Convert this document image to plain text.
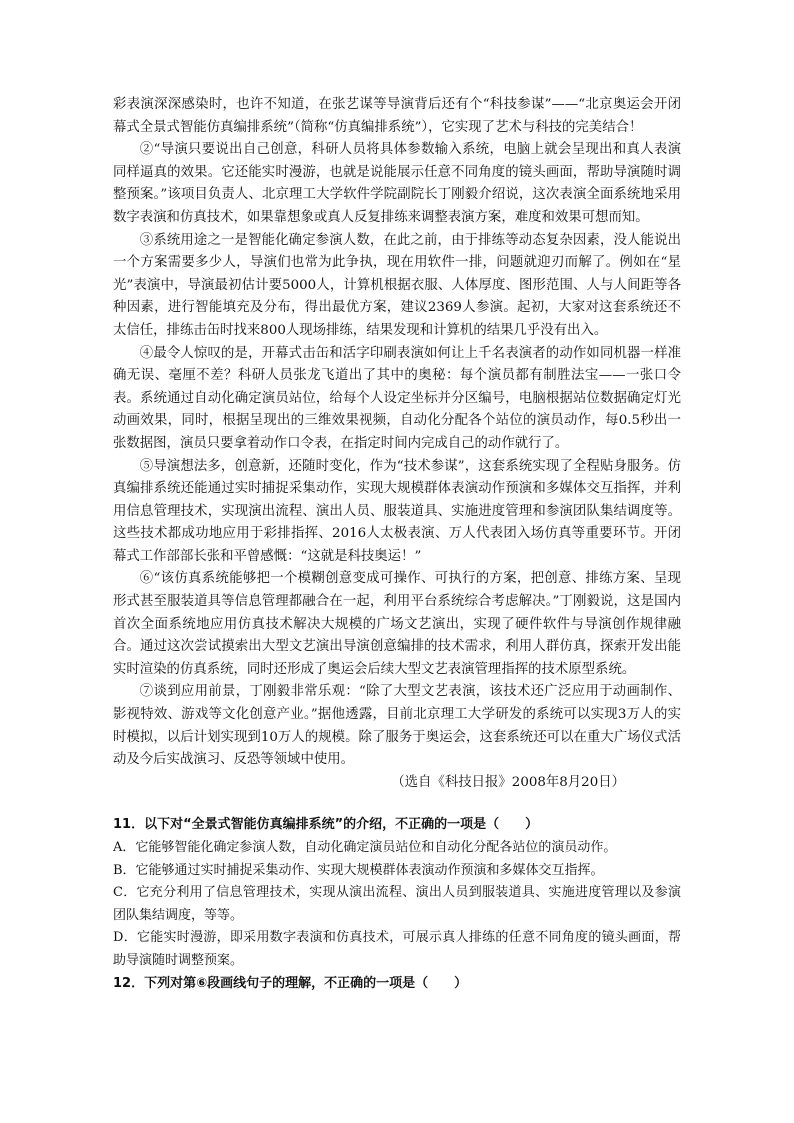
彩表演深深感染时，也许不知道，在张艺谋等导演背后还有个“科技参谋”——“北京奥运会开闭幕式全景式智能仿真编排系统”（简称“仿真编排系统”），它实现了艺术与科技的完美结合！

②“导演只要说出自己创意，科研人员将具体参数输入系统，电脑上就会呈现出和真人表演同样逼真的效果。它还能实时漫游，也就是说能展示任意不同角度的镜头画面，帮助导演随时调整预案。”该项目负责人、北京理工大学软件学院副院长丁刚毅介绍说，这次表演全面系统地采用数字表演和仿真技术，如果靠想象或真人反复排练来调整表演方案，难度和效果可想而知。

③系统用途之一是智能化确定参演人数，在此之前，由于排练等动态复杂因素，没人能说出一个方案需要多少人，导演们也常为此争执，现在用软件一排，问题就迎刃而解了。例如在“星光”表演中，导演最初估计要5000人，计算机根据衣服、人体厚度、图形范围、人与人间距等各种因素，进行智能填充及分布，得出最优方案，建议2369人参演。起初，大家对这套系统还不太信任，排练击缶时找来800人现场排练，结果发现和计算机的结果几乎没有出入。

④最令人惊叹的是，开幕式击缶和活字印刷表演如何让上千名表演者的动作如同机器一样准确无误、毫厘不差？科研人员张龙飞道出了其中的奥秘：每个演员都有制胜法宝——一张口令表。系统通过自动化确定演员站位，给每个人设定坐标并分区编号，电脑根据站位数据确定灯光动画效果，同时，根据呈现出的三维效果视频，自动化分配各个站位的演员动作，每0.5秒出一张数据图，演员只要拿着动作口令表，在指定时间内完成自己的动作就行了。

⑤导演想法多，创意新，还随时变化，作为“技术参谋”，这套系统实现了全程贴身服务。仿真编排系统还能通过实时捕捉采集动作，实现大规模群体表演动作预演和多媒体交互指挥，并利用信息管理技术，实现演出流程、演出人员、服装道具、实施进度管理和参演团队集结调度等。这些技术都成功地应用于彩排指挥、2016人太极表演、万人代表团入场仿真等重要环节。开闭幕式工作部部长张和平曾感慨：“这就是科技奥运！”

⑥“该仿真系统能够把一个模糊创意变成可操作、可执行的方案，把创意、排练方案、呈现形式甚至服装道具等信息管理都融合在一起，利用平台系统综合考虑解决。”丁刚毅说，这是国内首次全面系统地应用仿真技术解决大规模的广场文艺演出，实现了硬件软件与导演创作规律融合。通过这次尝试摸索出大型文艺演出导演创意编排的技术需求，利用人群仿真，探索开发出能实时渲染的仿真系统，同时还形成了奥运会后续大型文艺表演管理指挥的技术原型系统。

⑦谈到应用前景，丁刚毅非常乐观：“除了大型文艺表演，该技术还广泛应用于动画制作、影视特效、游戏等文化创意产业。”据他透露，目前北京理工大学研发的系统可以实现3万人的实时模拟，以后计划实现到10万人的规模。除了服务于奥运会，这套系统还可以在重大广场仪式活动及今后实战演习、反恐等领域中使用。

（选自《科技日报》2008年8月20日）

11．以下对“全景式智能仿真编排系统”的介绍，不正确的一项是（　　）

A．它能够智能化确定参演人数，自动化确定演员站位和自动化分配各站位的演员动作。

B．它能够通过实时捕捉采集动作、实现大规模群体表演动作预演和多媒体交互指挥。

C．它充分利用了信息管理技术，实现从演出流程、演出人员到服装道具、实施进度管理以及参演团队集结调度，等等。

D．它能实时漫游，即采用数字表演和仿真技术，可展示真人排练的任意不同角度的镜头画面，帮助导演随时调整预案。

12．下列对第⑥段画线句子的理解，不正确的一项是（　　）
